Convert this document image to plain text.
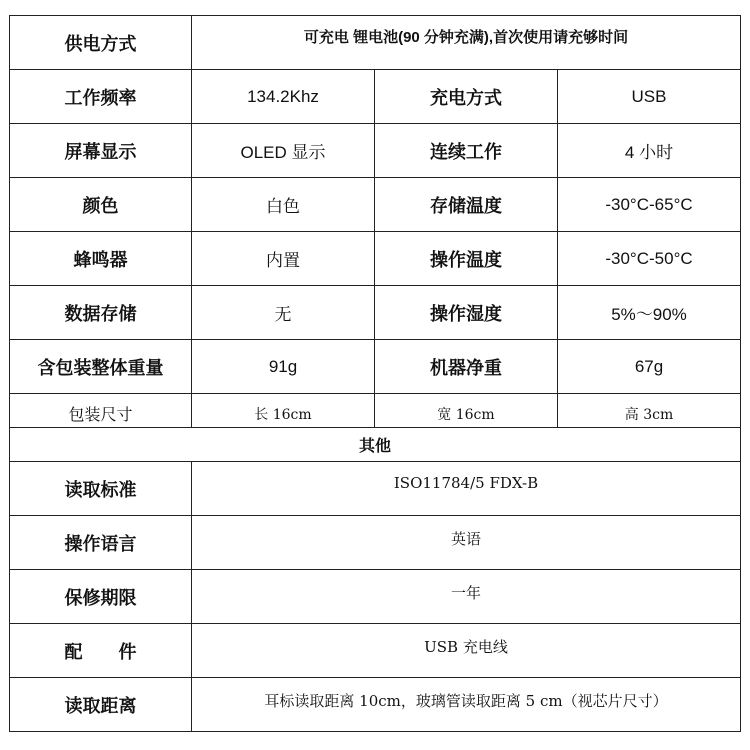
供电方式	可充电 锂电池(90 分钟充满),首次使用请充够时间		
工作频率	134.2Khz	充电方式	USB
屏幕显示	OLED 显示	连续工作	4 小时
颜色	白色	存储温度	-30°C-65°C
蜂鸣器	内置	操作温度	-30°C-50°C
数据存储	无	操作湿度	5%～90%
含包装整体重量	91g	机器净重	67g
包装尺寸	长 16cm	宽 16cm	高 3cm
其他			
读取标准	ISO11784/5 FDX-B		
操作语言	英语		
保修期限	一年		
配　　件	USB 充电线		
读取距离	耳标读取距离 10cm，玻璃管读取距离 5 cm（视芯片尺寸）		
